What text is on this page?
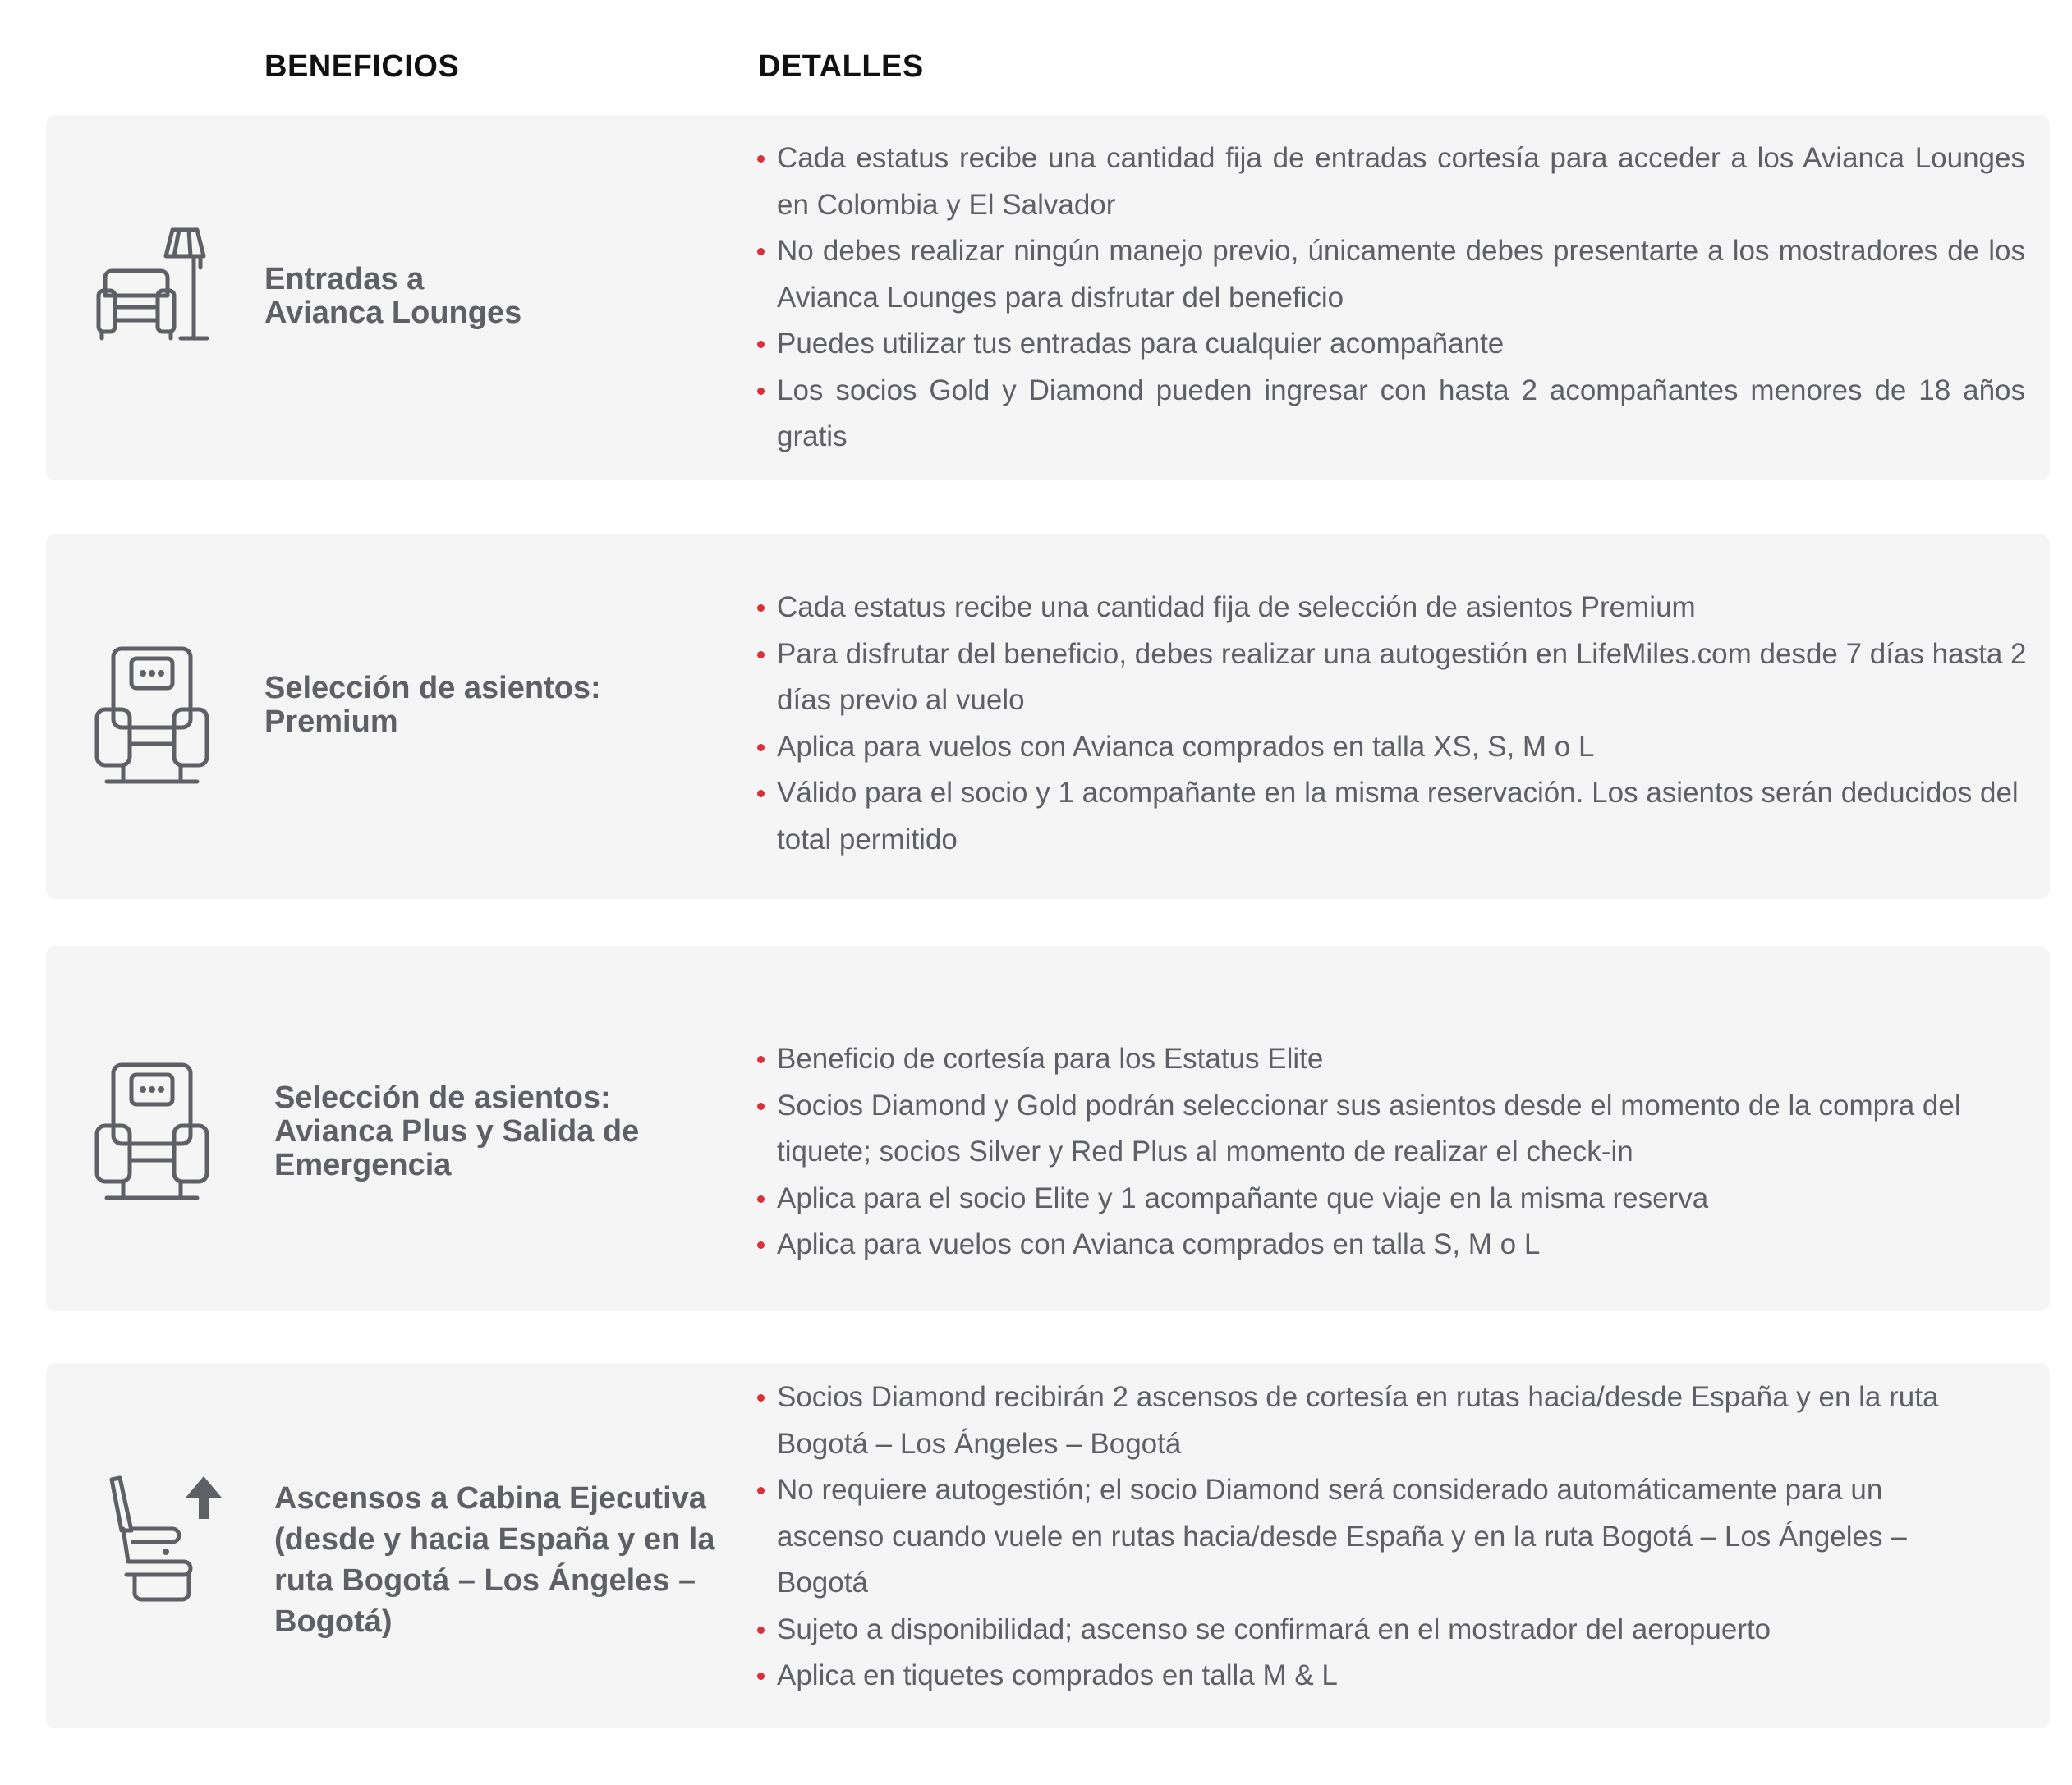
BENEFICIOS	DETALLES
Entradas a
Avianca Lounges
Cada estatus recibe una cantidad fija de entradas cortesía para acceder a los Avianca Lounges en Colombia y El Salvador
No debes realizar ningún manejo previo, únicamente debes presentarte a los mostradores de los Avianca Lounges para disfrutar del beneficio
Puedes utilizar tus entradas para cualquier acompañante
Los socios Gold y Diamond pueden ingresar con hasta 2 acompañantes menores de 18 años gratis
Selección de asientos:
Premium
Cada estatus recibe una cantidad fija de selección de asientos Premium
Para disfrutar del beneficio, debes realizar una autogestión en LifeMiles.com desde 7 días hasta 2 días previo al vuelo
Aplica para vuelos con Avianca comprados en talla XS, S, M o L
Válido para el socio y 1 acompañante en la misma reservación. Los asientos serán deducidos del total permitido
Selección de asientos:
Avianca Plus y Salida de
Emergencia
Beneficio de cortesía para los Estatus Elite
Socios Diamond y Gold podrán seleccionar sus asientos desde el momento de la compra del tiquete; socios Silver y Red Plus al momento de realizar el check-in
Aplica para el socio Elite y 1 acompañante que viaje en la misma reserva
Aplica para vuelos con Avianca comprados en talla S, M o L
Ascensos a Cabina Ejecutiva
(desde y hacia España y en la
ruta Bogotá – Los Ángeles –
Bogotá)
Socios Diamond recibirán 2 ascensos de cortesía en rutas hacia/desde España y en la ruta Bogotá – Los Ángeles – Bogotá
No requiere autogestión; el socio Diamond será considerado automáticamente para un ascenso cuando vuele en rutas hacia/desde España y en la ruta Bogotá – Los Ángeles – Bogotá
Sujeto a disponibilidad; ascenso se confirmará en el mostrador del aeropuerto
Aplica en tiquetes comprados en talla M & L
